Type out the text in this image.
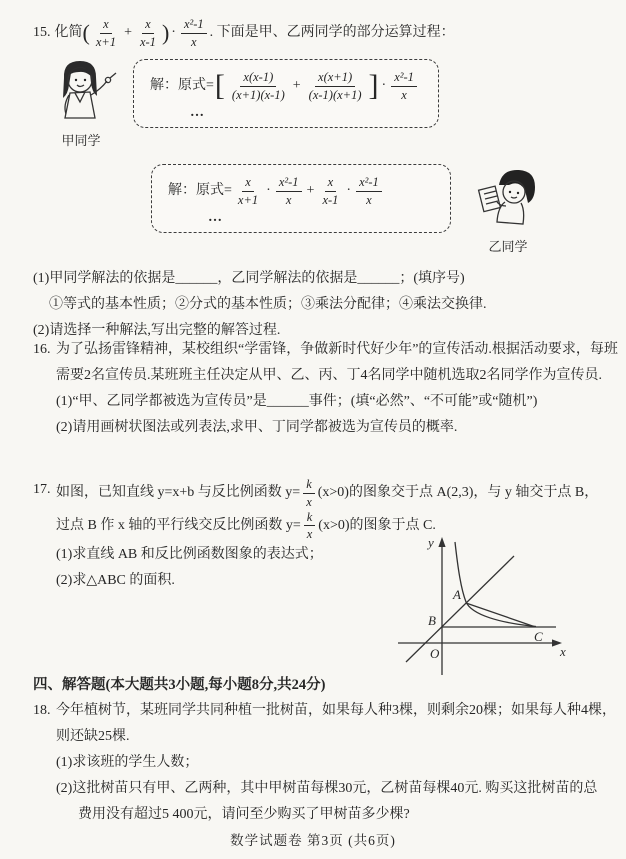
15. 化简 ( $\frac{x}{x+1} + \frac{x}{x-1}$ ) · $\frac{\text{x²-1}}{x}$ . 下面是甲、乙两同学的部分运算过程：
甲同学
解：原式= [ $\frac{x(x-1)}{(x+1)(x-1)} + \frac{x(x+1)}{(x-1)(x+1)}$ ] · $\frac{\text{x²-1}}{x}$
…
解：原式= $\frac{x}{x+1} \cdot \frac{\text{x²-1}}{x} + \frac{x}{x-1} \cdot \frac{\text{x²-1}}{x}$
…
乙同学
(1)甲同学解法的依据是______，乙同学解法的依据是______；(填序号)
①等式的基本性质；②分式的基本性质；③乘法分配律；④乘法交换律.
(2)请选择一种解法,写出完整的解答过程.
16. 为了弘扬雷锋精神，某校组织“学雷锋，争做新时代好少年”的宣传活动.根据活动要求，每班
需要2名宣传员.某班班主任决定从甲、乙、丙、丁4名同学中随机选取2名同学作为宣传员.
(1)“甲、乙同学都被选为宣传员”是______事件；(填“必然”、“不可能”或“随机”)
(2)请用画树状图法或列表法,求甲、丁同学都被选为宣传员的概率.
17. 如图，已知直线 y=x+b 与反比例函数 $y= \frac{k}{x} (x>0)$的图象交于点 A(2,3)，与 y 轴交于点 B，
过点 B 作 x 轴的平行线交反比例函数 $y= \frac{k}{x} (x>0)$的图象于点 C.
(1)求直线 AB 和反比例函数图象的表达式；
(2)求△ABC 的面积.
y
x
O
A
B
C
四、解答题(本大题共3小题,每小题8分,共24分)
18. 今年植树节，某班同学共同种植一批树苗，如果每人种3棵，则剩余20棵；如果每人种4棵，
则还缺25棵.
(1)求该班的学生人数；
(2)这批树苗只有甲、乙两种，其中甲树苗每棵30元，乙树苗每棵40元. 购买这批树苗的总
费用没有超过5 400元，请问至少购买了甲树苗多少棵?
数学试题卷 第3页 (共6页)
